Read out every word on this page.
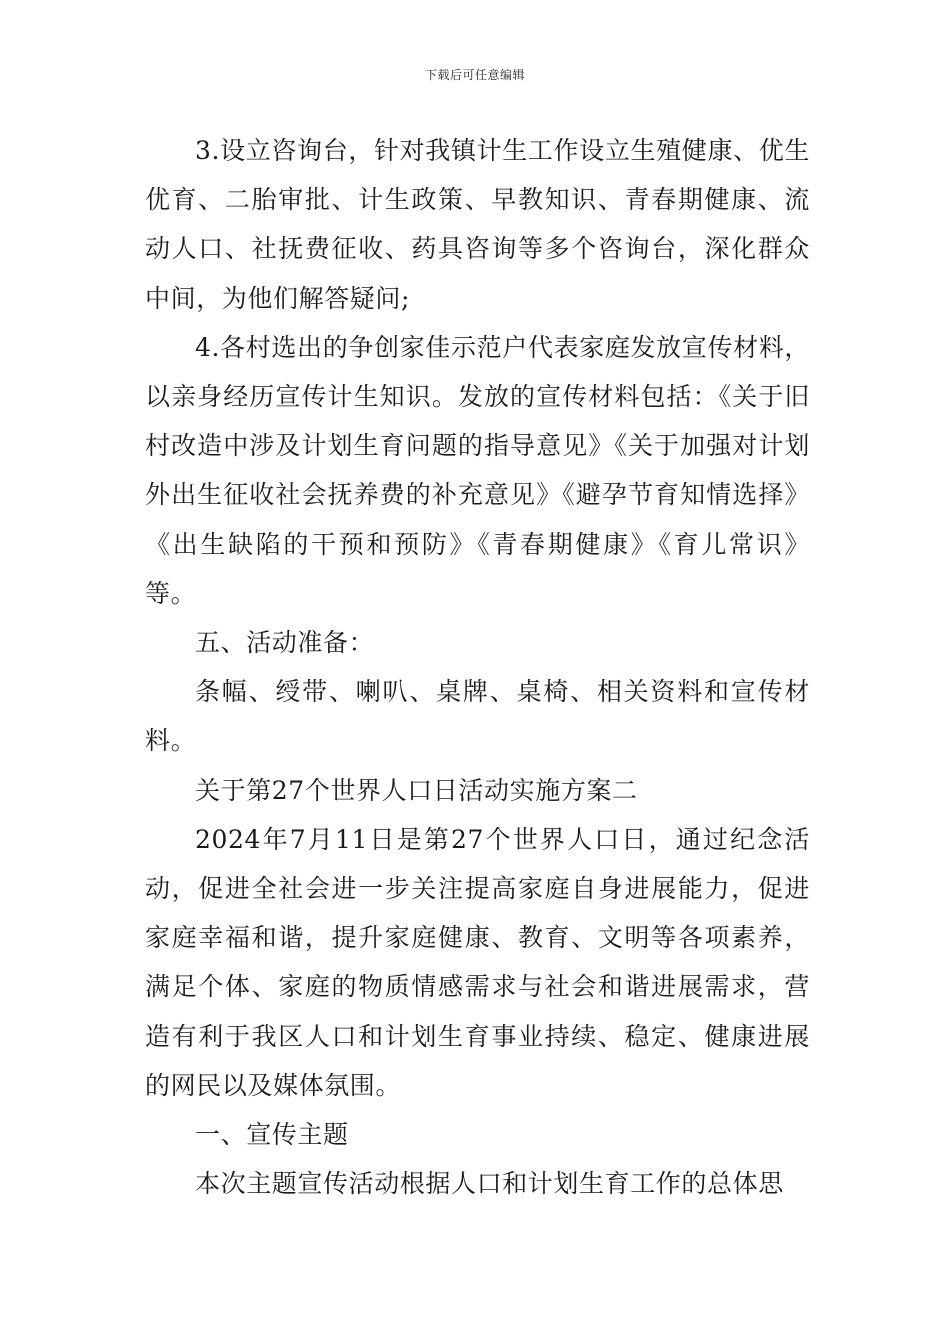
下载后可任意编辑

3.设立咨询台，针对我镇计生工作设立生殖健康、优生优育、二胎审批、计生政策、早教知识、青春期健康、流动人口、社抚费征收、药具咨询等多个咨询台，深化群众中间，为他们解答疑问;

4.各村选出的争创家佳示范户代表家庭发放宣传材料，以亲身经历宣传计生知识。发放的宣传材料包括：《关于旧村改造中涉及计划生育问题的指导意见》《关于加强对计划外出生征收社会抚养费的补充意见》《避孕节育知情选择》《出生缺陷的干预和预防》《青春期健康》《育儿常识》等。

五、活动准备：

条幅、绶带、喇叭、桌牌、桌椅、相关资料和宣传材料。

关于第27个世界人口日活动实施方案二

2024年7月11日是第27个世界人口日，通过纪念活动，促进全社会进一步关注提高家庭自身进展能力，促进家庭幸福和谐，提升家庭健康、教育、文明等各项素养，满足个体、家庭的物质情感需求与社会和谐进展需求，营造有利于我区人口和计划生育事业持续、稳定、健康进展的网民以及媒体氛围。

一、宣传主题

本次主题宣传活动根据人口和计划生育工作的总体思
